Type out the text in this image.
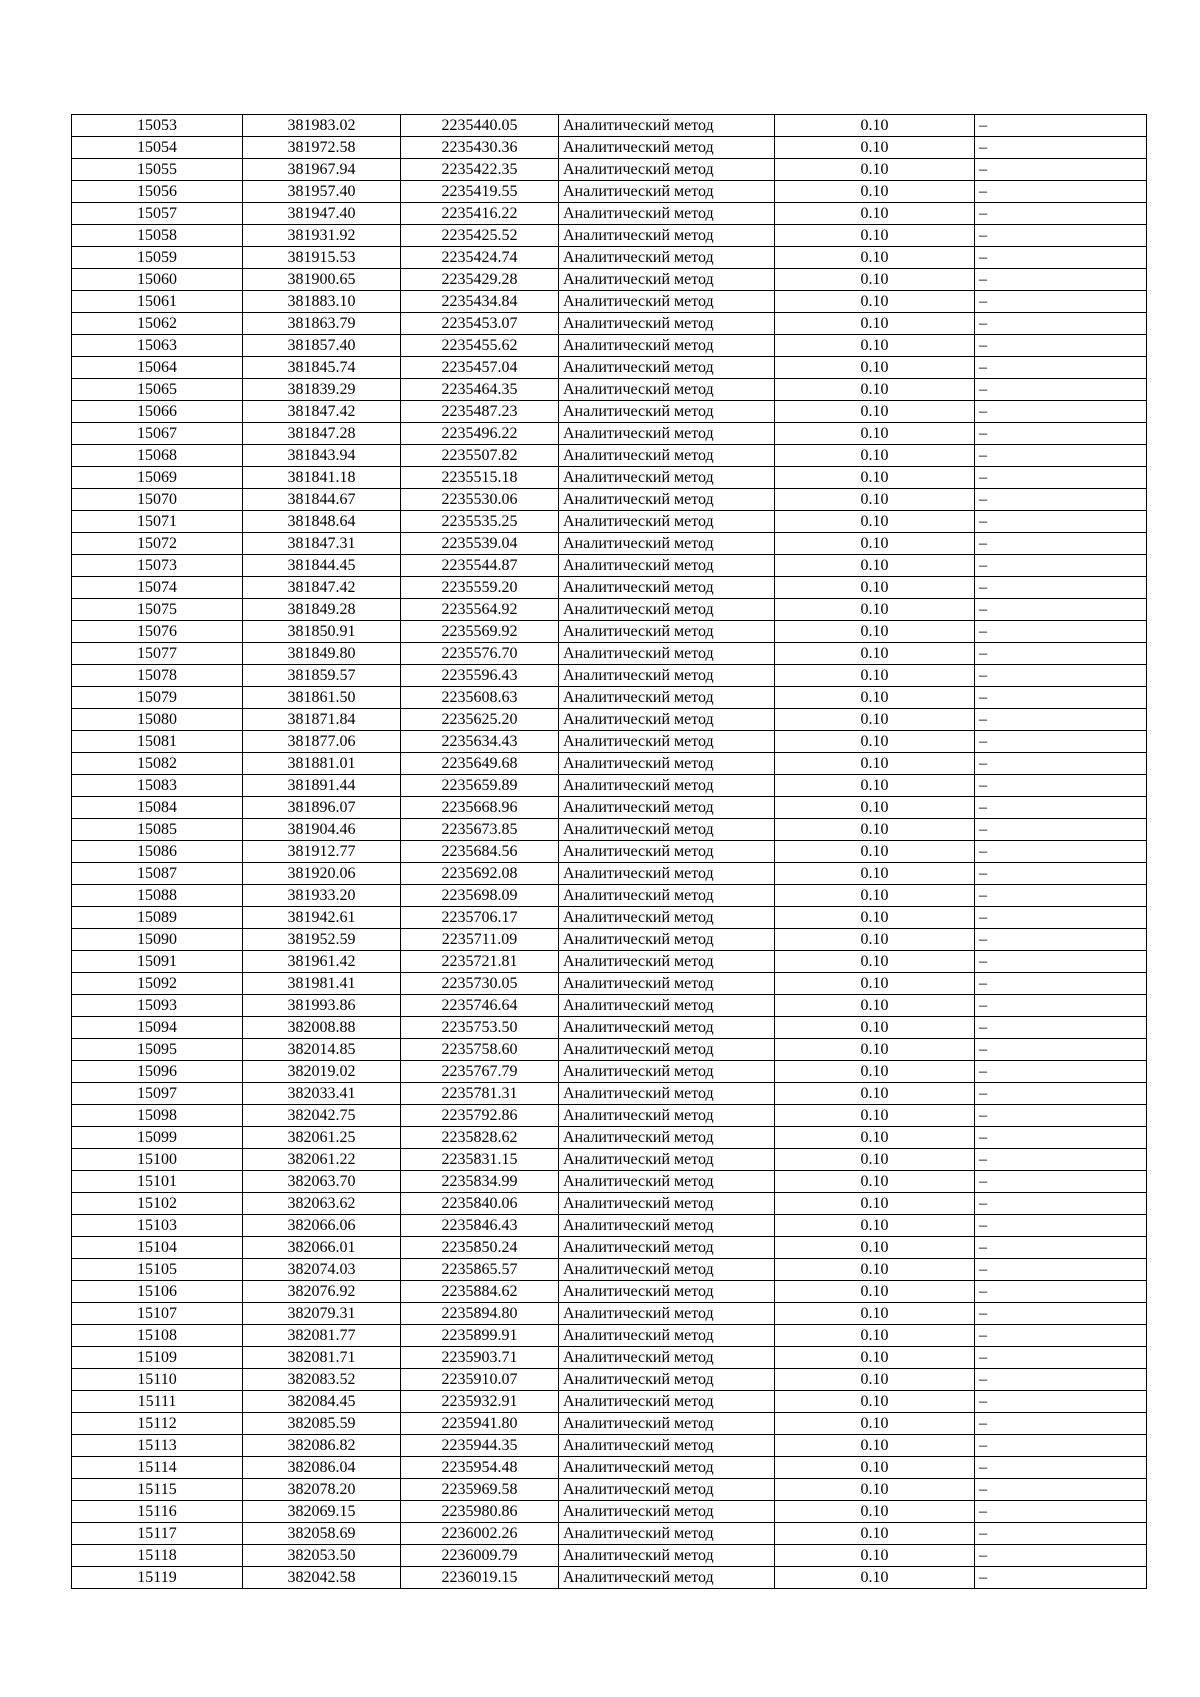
15053	381983.02	2235440.05	Аналитический метод	0.10	–
15054	381972.58	2235430.36	Аналитический метод	0.10	–
15055	381967.94	2235422.35	Аналитический метод	0.10	–
15056	381957.40	2235419.55	Аналитический метод	0.10	–
15057	381947.40	2235416.22	Аналитический метод	0.10	–
15058	381931.92	2235425.52	Аналитический метод	0.10	–
15059	381915.53	2235424.74	Аналитический метод	0.10	–
15060	381900.65	2235429.28	Аналитический метод	0.10	–
15061	381883.10	2235434.84	Аналитический метод	0.10	–
15062	381863.79	2235453.07	Аналитический метод	0.10	–
15063	381857.40	2235455.62	Аналитический метод	0.10	–
15064	381845.74	2235457.04	Аналитический метод	0.10	–
15065	381839.29	2235464.35	Аналитический метод	0.10	–
15066	381847.42	2235487.23	Аналитический метод	0.10	–
15067	381847.28	2235496.22	Аналитический метод	0.10	–
15068	381843.94	2235507.82	Аналитический метод	0.10	–
15069	381841.18	2235515.18	Аналитический метод	0.10	–
15070	381844.67	2235530.06	Аналитический метод	0.10	–
15071	381848.64	2235535.25	Аналитический метод	0.10	–
15072	381847.31	2235539.04	Аналитический метод	0.10	–
15073	381844.45	2235544.87	Аналитический метод	0.10	–
15074	381847.42	2235559.20	Аналитический метод	0.10	–
15075	381849.28	2235564.92	Аналитический метод	0.10	–
15076	381850.91	2235569.92	Аналитический метод	0.10	–
15077	381849.80	2235576.70	Аналитический метод	0.10	–
15078	381859.57	2235596.43	Аналитический метод	0.10	–
15079	381861.50	2235608.63	Аналитический метод	0.10	–
15080	381871.84	2235625.20	Аналитический метод	0.10	–
15081	381877.06	2235634.43	Аналитический метод	0.10	–
15082	381881.01	2235649.68	Аналитический метод	0.10	–
15083	381891.44	2235659.89	Аналитический метод	0.10	–
15084	381896.07	2235668.96	Аналитический метод	0.10	–
15085	381904.46	2235673.85	Аналитический метод	0.10	–
15086	381912.77	2235684.56	Аналитический метод	0.10	–
15087	381920.06	2235692.08	Аналитический метод	0.10	–
15088	381933.20	2235698.09	Аналитический метод	0.10	–
15089	381942.61	2235706.17	Аналитический метод	0.10	–
15090	381952.59	2235711.09	Аналитический метод	0.10	–
15091	381961.42	2235721.81	Аналитический метод	0.10	–
15092	381981.41	2235730.05	Аналитический метод	0.10	–
15093	381993.86	2235746.64	Аналитический метод	0.10	–
15094	382008.88	2235753.50	Аналитический метод	0.10	–
15095	382014.85	2235758.60	Аналитический метод	0.10	–
15096	382019.02	2235767.79	Аналитический метод	0.10	–
15097	382033.41	2235781.31	Аналитический метод	0.10	–
15098	382042.75	2235792.86	Аналитический метод	0.10	–
15099	382061.25	2235828.62	Аналитический метод	0.10	–
15100	382061.22	2235831.15	Аналитический метод	0.10	–
15101	382063.70	2235834.99	Аналитический метод	0.10	–
15102	382063.62	2235840.06	Аналитический метод	0.10	–
15103	382066.06	2235846.43	Аналитический метод	0.10	–
15104	382066.01	2235850.24	Аналитический метод	0.10	–
15105	382074.03	2235865.57	Аналитический метод	0.10	–
15106	382076.92	2235884.62	Аналитический метод	0.10	–
15107	382079.31	2235894.80	Аналитический метод	0.10	–
15108	382081.77	2235899.91	Аналитический метод	0.10	–
15109	382081.71	2235903.71	Аналитический метод	0.10	–
15110	382083.52	2235910.07	Аналитический метод	0.10	–
15111	382084.45	2235932.91	Аналитический метод	0.10	–
15112	382085.59	2235941.80	Аналитический метод	0.10	–
15113	382086.82	2235944.35	Аналитический метод	0.10	–
15114	382086.04	2235954.48	Аналитический метод	0.10	–
15115	382078.20	2235969.58	Аналитический метод	0.10	–
15116	382069.15	2235980.86	Аналитический метод	0.10	–
15117	382058.69	2236002.26	Аналитический метод	0.10	–
15118	382053.50	2236009.79	Аналитический метод	0.10	–
15119	382042.58	2236019.15	Аналитический метод	0.10	–
